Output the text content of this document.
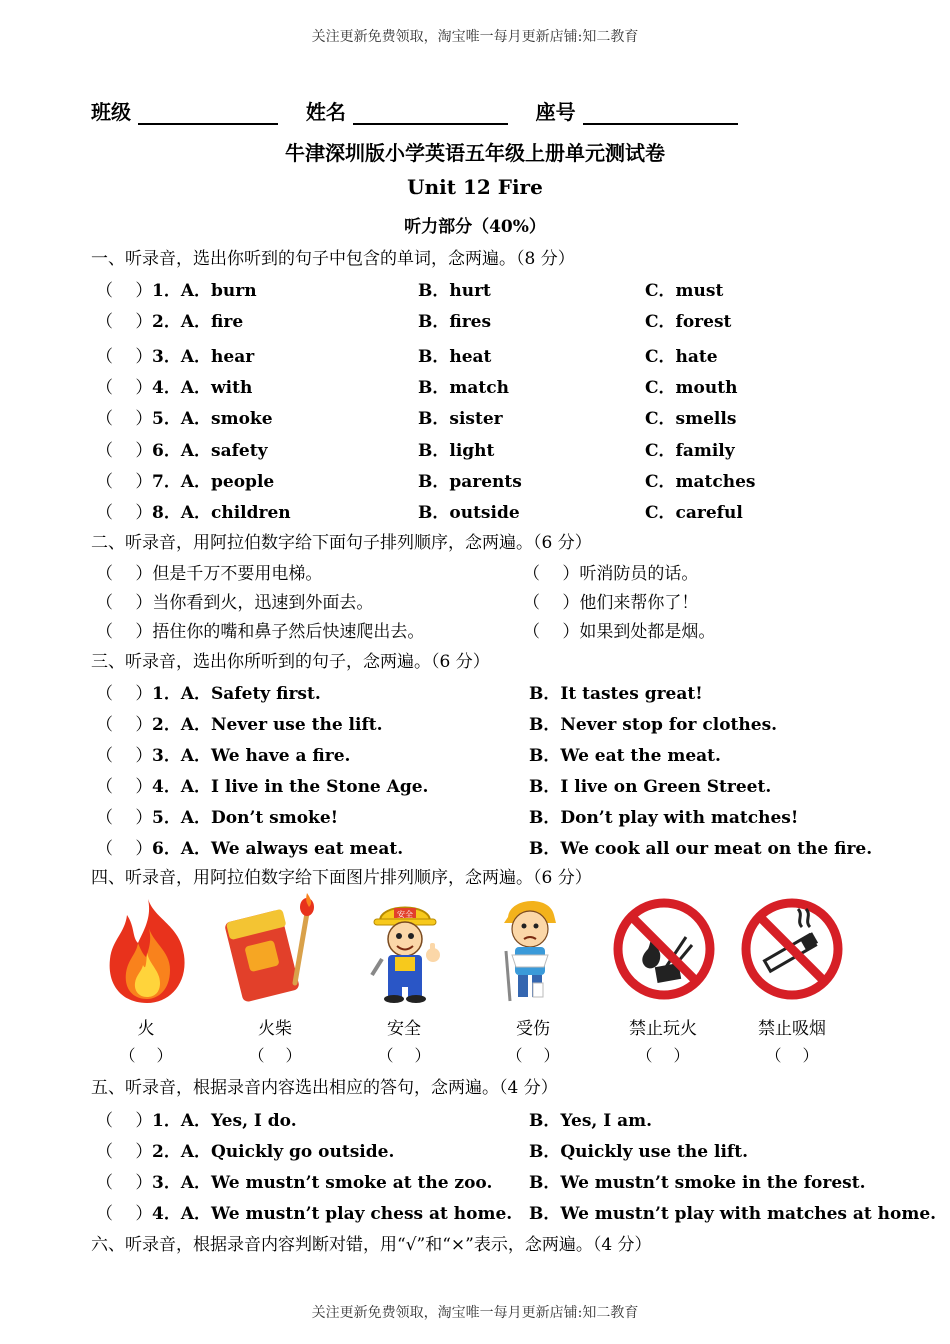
关注更新免费领取，淘宝唯一每月更新店铺:知二教育
班级	姓名	座号
牛津深圳版小学英语五年级上册单元测试卷
Unit 12 Fire
听力部分（40%）
一、听录音，选出你听到的句子中包含的单词，念两遍。（8 分）
（　 ） 1．A．burn	B．hurt	C．must
（　 ） 2．A．fire	B．fires	C．forest
（　 ） 3．A．hear	B．heat	C．hate
（　 ） 4．A．with	B．match	C．mouth
（　 ） 5．A．smoke	B．sister	C．smells
（　 ） 6．A．safety	B．light	C．family
（　 ） 7．A．people	B．parents	C．matches
（　 ） 8．A．children	B．outside	C．careful
二、听录音，用阿拉伯数字给下面句子排列顺序，念两遍。（6 分）
（　 ）但是千万不要用电梯。
（　 ）当你看到火，迅速到外面去。
（　 ）捂住你的嘴和鼻子然后快速爬出去。
（　 ）听消防员的话。
（　 ）他们来帮你了！
（　 ）如果到处都是烟。
三、听录音，选出你所听到的句子，念两遍。（6 分）
（　 ） 1．A．Safety first.	B．It tastes great!
（　 ） 2．A．Never use the lift.	B．Never stop for clothes.
（　 ） 3．A．We have a fire.	B．We eat the meat.
（　 ） 4．A．I live in the Stone Age.	B．I live on Green Street.
（　 ） 5．A．Don’t smoke!	B．Don’t play with matches!
（　 ） 6．A．We always eat meat.	B．We cook all our meat on the fire.
四、听录音，用阿拉伯数字给下面图片排列顺序，念两遍。（6 分）
安全
火
（　 ）
火柴
（　 ）
安全
（　 ）
受伤
（　 ）
禁止玩火
（　 ）
禁止吸烟
（　 ）
五、听录音，根据录音内容选出相应的答句，念两遍。（4 分）
（　 ） 1．A．Yes, I do.	B．Yes, I am.
（　 ） 2．A．Quickly go outside.	B．Quickly use the lift.
（　 ） 3．A．We mustn’t smoke at the zoo. B．We mustn’t smoke in the forest.
（　 ） 4．A．We mustn’t play chess at home. B．We mustn’t play with matches at home.
六、听录音，根据录音内容判断对错，用“√”和“×”表示，念两遍。（4 分）
关注更新免费领取，淘宝唯一每月更新店铺:知二教育
